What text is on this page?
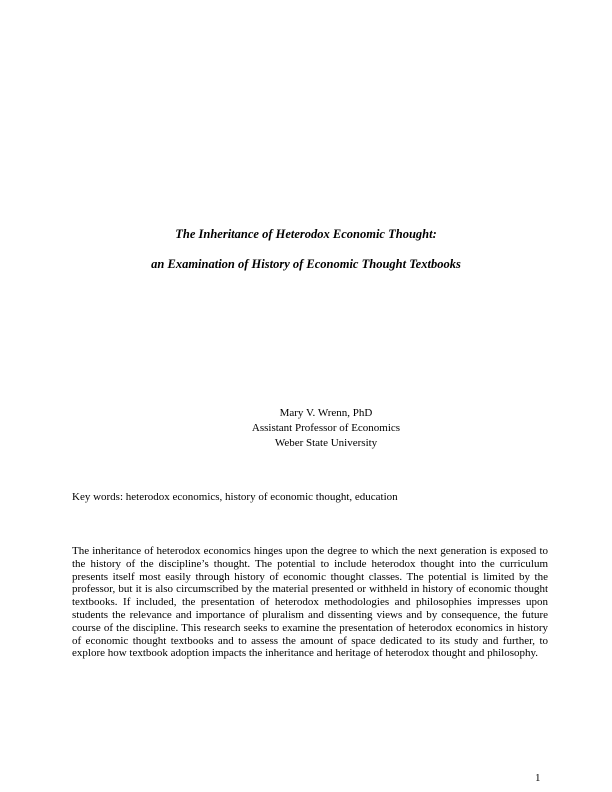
The Inheritance of Heterodox Economic Thought:
an Examination of History of Economic Thought Textbooks
Mary V. Wrenn, PhD
Assistant Professor of Economics
Weber State University
Key words: heterodox economics, history of economic thought, education

The inheritance of heterodox economics hinges upon the degree to which the next generation is exposed to the history of the discipline’s thought. The potential to include heterodox thought into the curriculum presents itself most easily through history of economic thought classes. The potential is limited by the professor, but it is also circumscribed by the material presented or withheld in history of economic thought textbooks. If included, the presentation of heterodox methodologies and philosophies impresses upon students the relevance and importance of pluralism and dissenting views and by consequence, the future course of the discipline. This research seeks to examine the presentation of heterodox economics in history of economic thought textbooks and to assess the amount of space dedicated to its study and further, to explore how textbook adoption impacts the inheritance and heritage of heterodox thought and philosophy.

1
